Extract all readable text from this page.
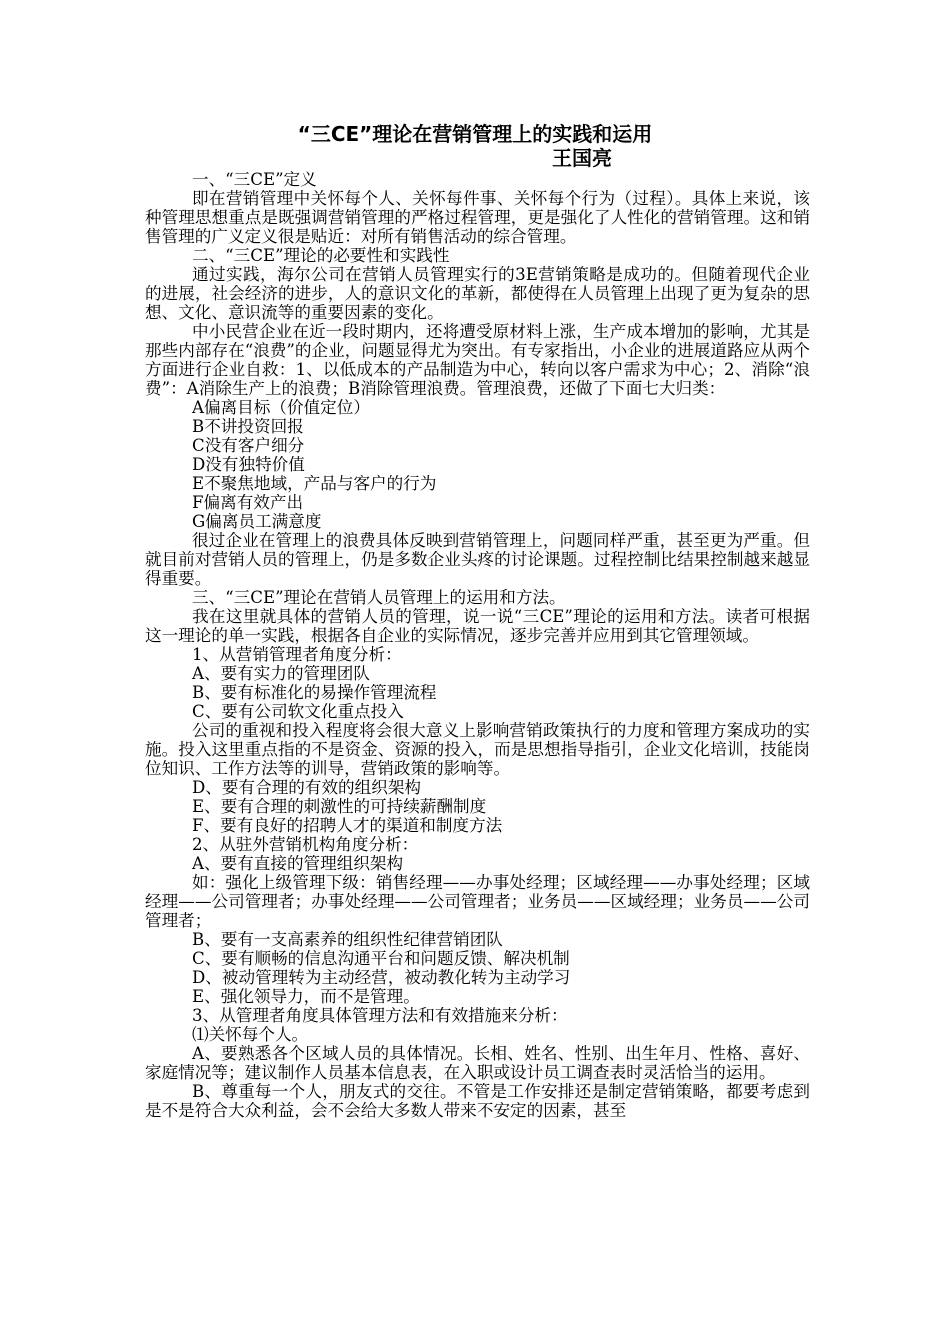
“三CE”理论在营销管理上的实践和运用
王国亮

一、“三CE”定义

即在营销管理中关怀每个人、关怀每件事、关怀每个行为（过程）。具体上来说，该种管理思想重点是既强调营销管理的严格过程管理，更是强化了人性化的营销管理。这和销售管理的广义定义很是贴近：对所有销售活动的综合管理。

二、“三CE”理论的必要性和实践性

通过实践，海尔公司在营销人员管理实行的3E营销策略是成功的。但随着现代企业的进展，社会经济的进步，人的意识文化的革新，都使得在人员管理上出现了更为复杂的思想、文化、意识流等的重要因素的变化。

中小民营企业在近一段时期内，还将遭受原材料上涨，生产成本增加的影响，尤其是那些内部存在“浪费”的企业，问题显得尤为突出。有专家指出，小企业的进展道路应从两个方面进行企业自救：1、以低成本的产品制造为中心，转向以客户需求为中心；2、消除“浪费”：A消除生产上的浪费；B消除管理浪费。管理浪费，还做了下面七大归类：

A偏离目标（价值定位）

B不讲投资回报

C没有客户细分

D没有独特价值

E不聚焦地域，产品与客户的行为

F偏离有效产出

G偏离员工满意度

很过企业在管理上的浪费具体反映到营销管理上，问题同样严重，甚至更为严重。但就目前对营销人员的管理上，仍是多数企业头疼的讨论课题。过程控制比结果控制越来越显得重要。

三、“三CE”理论在营销人员管理上的运用和方法。

我在这里就具体的营销人员的管理，说一说“三CE”理论的运用和方法。读者可根据这一理论的单一实践，根据各自企业的实际情况，逐步完善并应用到其它管理领域。

1、从营销管理者角度分析：

A、要有实力的管理团队

B、要有标准化的易操作管理流程

C、要有公司软文化重点投入

公司的重视和投入程度将会很大意义上影响营销政策执行的力度和管理方案成功的实施。投入这里重点指的不是资金、资源的投入，而是思想指导指引，企业文化培训，技能岗位知识、工作方法等的训导，营销政策的影响等。

D、要有合理的有效的组织架构

E、要有合理的刺激性的可持续薪酬制度

F、要有良好的招聘人才的渠道和制度方法

2、从驻外营销机构角度分析：

A、要有直接的管理组织架构

如：强化上级管理下级：销售经理——办事处经理；区域经理——办事处经理；区域经理——公司管理者；办事处经理——公司管理者；业务员——区域经理；业务员——公司管理者；

B、要有一支高素养的组织性纪律营销团队

C、要有顺畅的信息沟通平台和问题反馈、解决机制

D、被动管理转为主动经营，被动教化转为主动学习

E、强化领导力，而不是管理。

3、从管理者角度具体管理方法和有效措施来分析：

⑴关怀每个人。

A、要熟悉各个区域人员的具体情况。长相、姓名、性别、出生年月、性格、喜好、家庭情况等；建议制作人员基本信息表，在入职或设计员工调查表时灵活恰当的运用。

B、尊重每一个人，朋友式的交往。不管是工作安排还是制定营销策略，都要考虑到是不是符合大众利益，会不会给大多数人带来不安定的因素，甚至
